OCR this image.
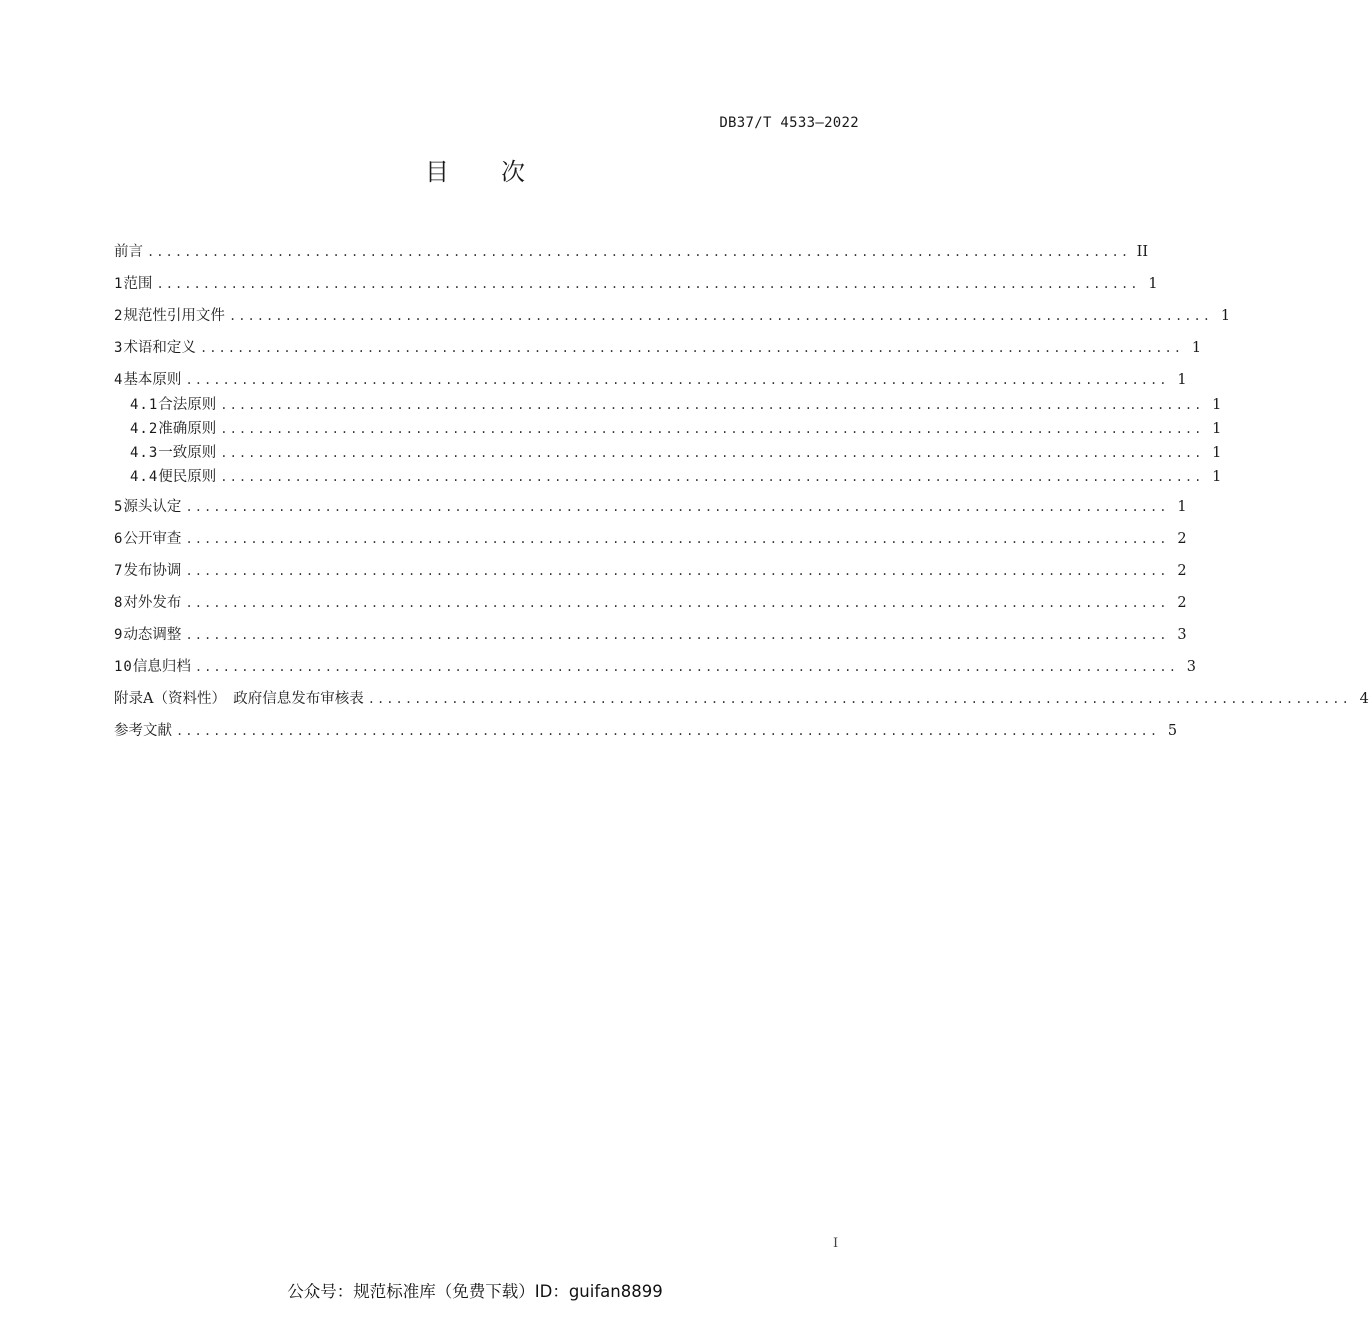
DB37/T 4533—2022
目 次
前言 .......................................................................................................... II
1 范围 .......................................................................................................... 1
2 规范性引用文件 .......................................................................................................... 1
3 术语和定义 .......................................................................................................... 1
4 基本原则 .......................................................................................................... 1
4.1 合法原则 .......................................................................................................... 1
4.2 准确原则 .......................................................................................................... 1
4.3 一致原则 .......................................................................................................... 1
4.4 便民原则 .......................................................................................................... 1
5 源头认定 .......................................................................................................... 1
6 公开审查 .......................................................................................................... 2
7 发布协调 .......................................................................................................... 2
8 对外发布 .......................................................................................................... 2
9 动态调整 .......................................................................................................... 3
10 信息归档 .......................................................................................................... 3
附录A（资料性）　政府信息发布审核表 .......................................................................................................... 4
参考文献 .......................................................................................................... 5
I
公众号：规范标准库（免费下载）ID：guifan8899
